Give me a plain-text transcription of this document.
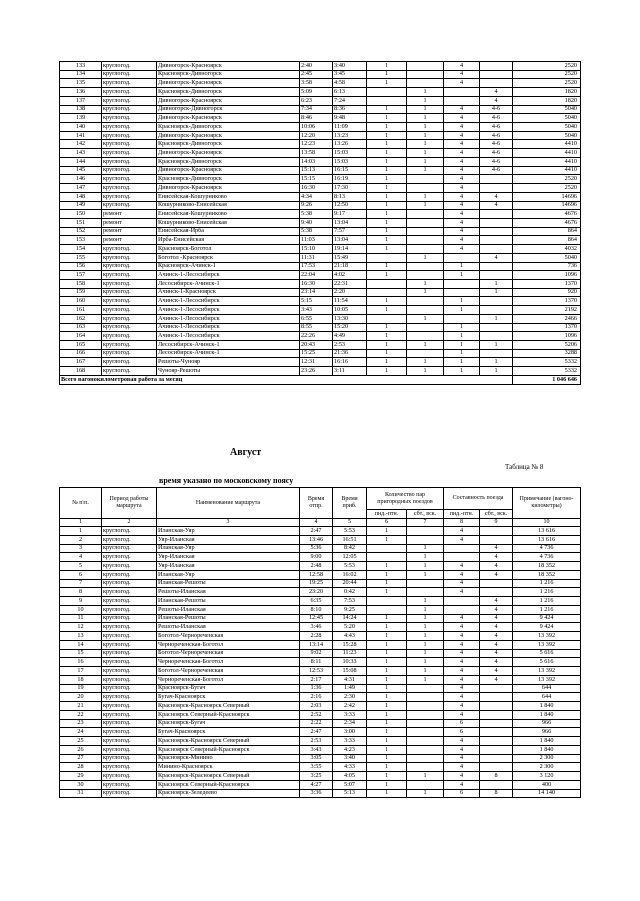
133	круглогод.	Дивногорск-Красноярск	2:40	3:40	1		4		2520
134	круглогод.	Красноярск-Дивногорск	2:45	3:45	1		4		2520
135	круглогод.	Дивногорск-Красноярск	3:58	4:58	1		4		2520
136	круглогод.	Красноярск-Дивногорск	5:09	6:13		1		4	1820
137	круглогод.	Дивногорск-Красноярск	6:23	7:24		1		4	1820
138	круглогод.	Дивногорск-Дивногорск	7:34	8:36	1	1	4	4-6	5040
139	круглогод.	Дивногорск-Красноярск	8:46	9:48	1	1	4	4-6	5040
140	круглогод.	Красноярск-Дивногорск	10:06	11:09	1	1	4	4-6	5040
141	круглогод.	Дивногорск-Красноярск	12:20	13:23	1	1	4	4-6	5040
142	круглогод.	Красноярск-Дивногорск	12:23	13:26	1	1	4	4-6	4410
143	круглогод.	Дивногорск-Красноярск	13:58	15:03	1	1	4	4-6	4410
144	круглогод.	Красноярск-Дивногорск	14:03	15:03	1	1	4	4-6	4410
145	круглогод.	Дивногорск-Красноярск	15:13	16:15	1	1	4	4-6	4410
146	круглогод.	Красноярск-Дивногорск	15:15	16:19	1		4		2520
147	круглогод.	Дивногорск-Красноярск	16:30	17:30	1		4		2520
148	круглогод.	Енисейская-Кошурниково	4:34	8:13	1	1	4	4	14696
149	круглогод.	Кошурниково-Енисейская	9:26	12:50	1	1	4	4	14696
150	ремонт	Енисейская-Кошурниково	5:38	9:17	1		4		4676
151	ремонт	Кошурниково-Енисейская	9:40	13:04	1		4		4676
152	ремонт	Енисейская-Ирба	5:38	7:57	1		4		864
153	ремонт	Ирба-Енисейская	11:03	13:04	1		4		864
154	круглогод.	Красноярск-Боготол	15:10	19:14	1		4		4032
155	круглогод.	Боготол -Красноярск	11:31	15:49		1		4	5040
156	круглогод.	Красноярск-Ачинск-1	17:53	21:18	1		1		736
157	круглогод.	Ачинск-1-Лесосибирск	22:04	4:02	1		1		1096
158	круглогод.	Лесосибирск-Ачинск-1	16:30	22:31		1		1	1370
159	круглогод.	Ачинск-1-Красноярск	23:14	2:20		1		1	920
160	круглогод.	Ачинск-1-Лесосибирск	5:15	11:54	1		1		1370
161	круглогод.	Ачинск-1-Лесосибирск	3:43	10:05	1		1		2192
162	круглогод.	Ачинск-1-Лесосибирск	6:55	13:30		1		1	2466
163	круглогод.	Ачинск-1-Лесосибирск	8:55	15:20	1		1		1370
164	круглогод.	Ачинск-1-Лесосибирск	22:26	4:49	1		1		1096
165	круглогод.	Лесосибирск-Ачинск-1	20:43	2:53	1	1	1	1	5206
166	круглогод.	Лесосибирск-Ачинск-1	15:25	21:36	1		1		3288
167	круглогод.	Решоты-Чунояр	12:31	16:16	1	1	1	1	5332
168	круглогод.	Чунояр-Решоты	23:26	3:11	1	1	1	1	5332
Всего вагонокилометровая работа за месяц									1 046 646
Август
Таблица № 8
время указано по московскому поясу
№ п\п.	Период работы маршрута	Наименование маршрута	Время отпр.	Время приб.	Количество пар пригородных поездов		Составность поезда		Примечание (вагоно-километры)
					пнд.-птн.	сбт., вск.	пнд.-птн.	сбт., вск.	
1	2	3	4	5	6	7	8	9	10
1	круглогод.	Иланская-Уяр	2:47	5:53	1		4		13 616
2	круглогод.	Уяр-Иланская	13:46	16:51	1		4		13 616
3	круглогод.	Иланская-Уяр	5:36	8:42		1		4	4 736
4	круглогод.	Уяр-Иланская	9:00	12:05		1		4	4 736
5	круглогод.	Уяр-Иланская	2:48	5:53	1	1	4	4	18 352
6	круглогод.	Иланская-Уяр	12:58	16:02	1	1	4	4	18 352
7	круглогод.	Иланская-Решоты	19:25	20:44	1		4		1 216
8	круглогод.	Решоты-Иланская	23:20	0:42	1		4		1 216
9	круглогод.	Иланская-Решоты	6:35	7:53		1		4	1 216
10	круглогод.	Решоты-Иланская	8:10	9:25		1		4	1 216
11	круглогод.	Иланская-Решоты	12:45	14:24	1	1	4	4	9 424
12	круглогод.	Решоты-Иланская	3:46	5:20	1	1	4	4	9 424
13	круглогод.	Боготол-Чернореченская	2:28	4:43	1	1	4	4	13 392
14	круглогод.	Чернореченская-Боготол	13:14	15:28	1	1	4	4	13 392
15	круглогод.	Боготол-Чернореченская	9:02	11:23	1	1	4	4	5 616
16	круглогод.	Чернореченская-Боготол	8:11	10:33	1	1	4	4	5 616
17	круглогод.	Боготол-Чернореченская	12:53	15:08	1	1	4	4	13 392
18	круглогод.	Чернореченская-Боготол	2:17	4:31	1	1	4	4	13 392
19	круглогод.	Красноярск-Бугач	1:36	1:49	1		4		644
20	круглогод.	Бугач-Красноярск	2:16	2:30	1		4		644
21	круглогод.	Красноярск-Красноярск Северный	2:03	2:42	1		4		1 840
22	круглогод.	Красноярск Северный-Красноярск	2:52	3:33	1		4		1 840
23	круглогод.	Красноярск-Бугач	2:22	2:34	1		6		966
24	круглогод.	Бугач-Красноярск	2:47	3:00	1		6		966
25	круглогод.	Красноярск-Красноярск Северный	2:53	3:33	1		4		1 840
26	круглогод.	Красноярск Северный-Красноярск	3:43	4:23	1		4		1 840
27	круглогод.	Красноярск-Минино	3:05	3:40	1		4		2 300
28	круглогод.	Минино-Красноярск	3:55	4:33	1		4		2 300
29	круглогод.	Красноярск-Красноярск Северный	3:25	4:05	1	1	4	8	3 120
30	круглогод.	Красноярск Северный-Красноярск	4:27	5:07	1		4		400
31	круглогод.	Красноярск-Зеледеево	3:36	5:13	1	1	6	8	14 140
